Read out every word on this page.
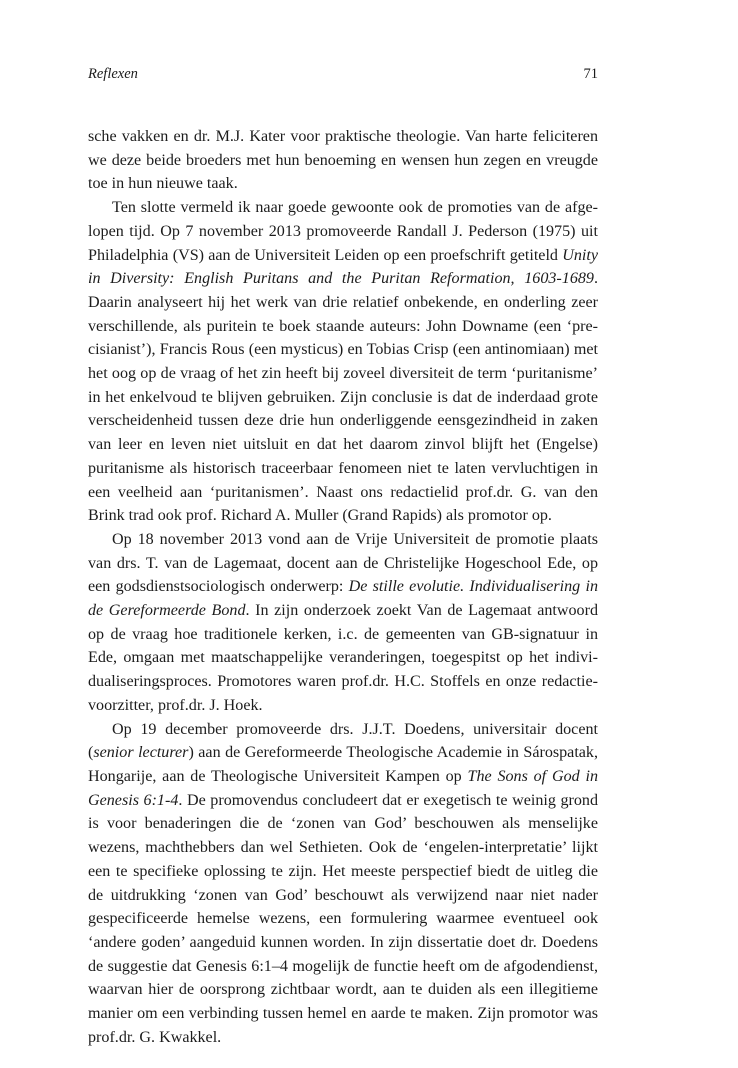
Reflexen	71

sche vakken en dr. M.J. Kater voor praktische theologie. Van harte feliciteren we deze beide broeders met hun benoeming en wensen hun zegen en vreugde toe in hun nieuwe taak.

Ten slotte vermeld ik naar goede gewoonte ook de promoties van de afgelopen tijd. Op 7 november 2013 promoveerde Randall J. Pederson (1975) uit Philadelphia (VS) aan de Universiteit Leiden op een proefschrift getiteld Unity in Diversity: English Puritans and the Puritan Reformation, 1603-1689. Daarin analyseert hij het werk van drie relatief onbekende, en onderling zeer verschillende, als puritein te boek staande auteurs: John Downame (een ‘precisianist’), Francis Rous (een mysticus) en Tobias Crisp (een antinomiaan) met het oog op de vraag of het zin heeft bij zoveel diversiteit de term ‘puritanisme’ in het enkelvoud te blijven gebruiken. Zijn conclusie is dat de inderdaad grote verscheidenheid tussen deze drie hun onderliggende eensgezindheid in zaken van leer en leven niet uitsluit en dat het daarom zinvol blijft het (Engelse) puritanisme als historisch traceerbaar fenomeen niet te laten vervluchtigen in een veelheid aan ‘puritanismen’. Naast ons redactielid prof.dr. G. van den Brink trad ook prof. Richard A. Muller (Grand Rapids) als promotor op.

Op 18 november 2013 vond aan de Vrije Universiteit de promotie plaats van drs. T. van de Lagemaat, docent aan de Christelijke Hogeschool Ede, op een godsdienstsociologisch onderwerp: De stille evolutie. Individualisering in de Gereformeerde Bond. In zijn onderzoek zoekt Van de Lagemaat antwoord op de vraag hoe traditionele kerken, i.c. de gemeenten van GB-signatuur in Ede, omgaan met maatschappelijke veranderingen, toegespitst op het individualiseringsproces. Promotores waren prof.dr. H.C. Stoffels en onze redactievoorzitter, prof.dr. J. Hoek.

Op 19 december promoveerde drs. J.J.T. Doedens, universitair docent (senior lecturer) aan de Gereformeerde Theologische Academie in Sárospatak, Hongarije, aan de Theologische Universiteit Kampen op The Sons of God in Genesis 6:1-4. De promovendus concludeert dat er exegetisch te weinig grond is voor benaderingen die de ‘zonen van God’ beschouwen als menselijke wezens, machthebbers dan wel Sethieten. Ook de ‘engelen-interpretatie’ lijkt een te specifieke oplossing te zijn. Het meeste perspectief biedt de uitleg die de uitdrukking ‘zonen van God’ beschouwt als verwijzend naar niet nader gespecificeerde hemelse wezens, een formulering waarmee eventueel ook ‘andere goden’ aangeduid kunnen worden. In zijn dissertatie doet dr. Doedens de suggestie dat Genesis 6:1–4 mogelijk de functie heeft om de afgodendienst, waarvan hier de oorsprong zichtbaar wordt, aan te duiden als een illegitieme manier om een verbinding tussen hemel en aarde te maken. Zijn promotor was prof.dr. G. Kwakkel.
